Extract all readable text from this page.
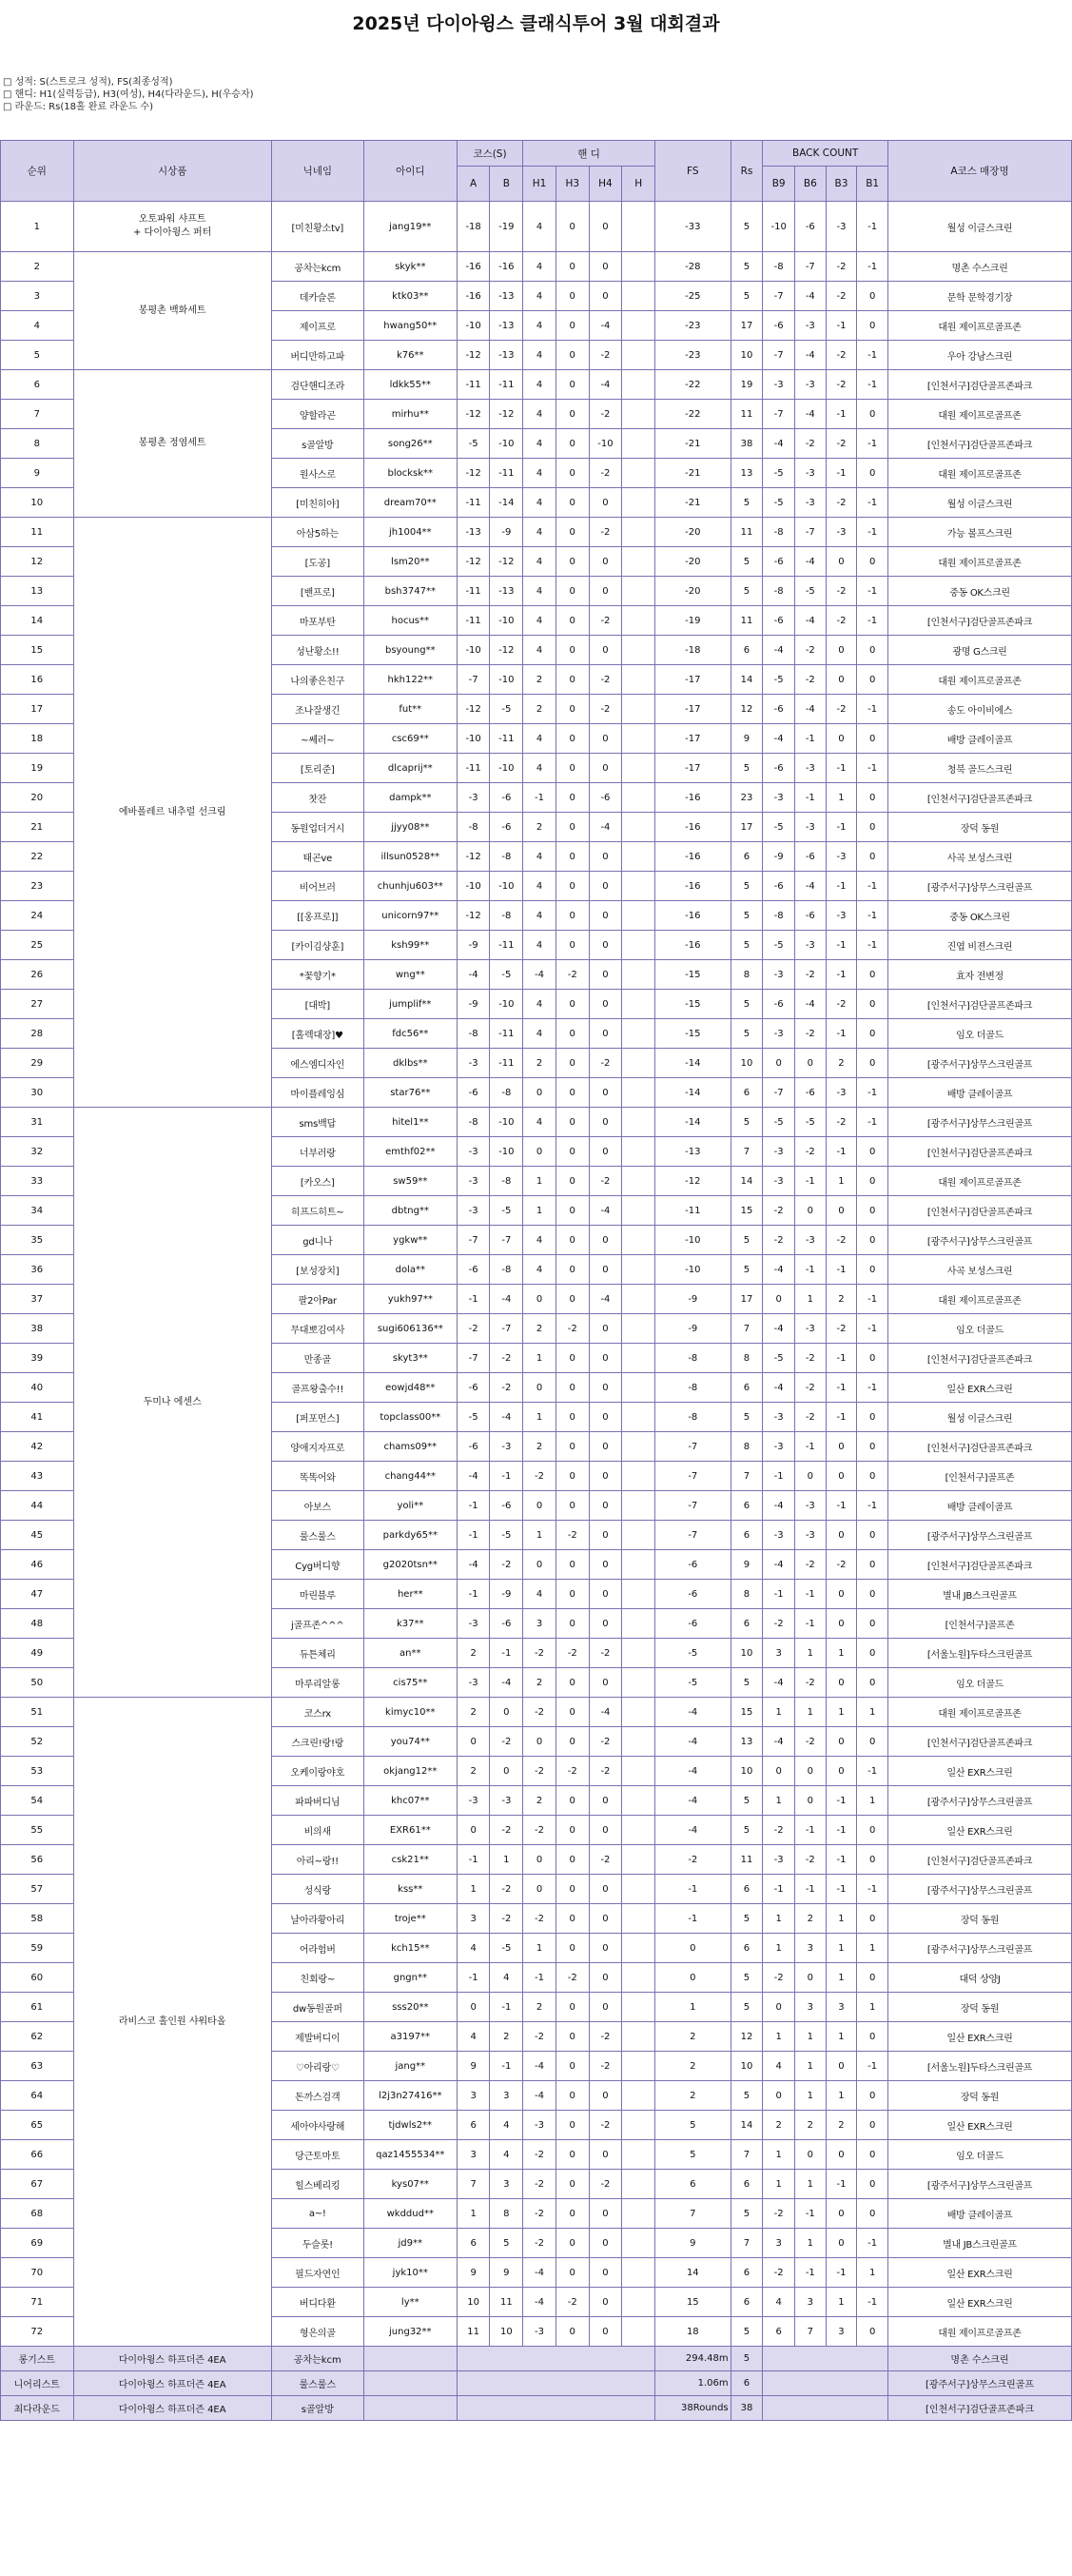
2025년 다이아윙스 클래식투어 3월 대회결과
□ 성적: S(스트로크 성적), FS(최종성적)
□ 핸디: H1(실력등급), H3(여성), H4(다라운드), H(우승자)
□ 라운드: Rs(18홀 완료 라운드 수)
순위	시상품	닉네임	아이디	코스(S)		핸 디				FS	Rs	BACK COUNT				A코스 매장명
				A	B	H1	H3	H4	H			B9	B6	B3	B1	
1	오토파워 샤프트
+ 다이아윙스 퍼터	[미친황소tv]	jang19**	-18	-19	4	0	0		-33	5	-10	-6	-3	-1	월성 이글스크린
2	봉평촌 백화세트	공차는kcm	skyk**	-16	-16	4	0	0		-28	5	-8	-7	-2	-1	명촌 수스크린
3		데카슬론	ktk03**	-16	-13	4	0	0		-25	5	-7	-4	-2	0	문학 문학경기장
4		제이프로	hwang50**	-10	-13	4	0	-4		-23	17	-6	-3	-1	0	대원 제이프로골프존
5		버디만하고파	k76**	-12	-13	4	0	-2		-23	10	-7	-4	-2	-1	우아 강남스크린
6	봉평촌 정염세트	검단핸디조라	ldkk55**	-11	-11	4	0	-4		-22	19	-3	-3	-2	-1	[인천서구]검단골프존파크
7		양할라곤	mirhu**	-12	-12	4	0	-2		-22	11	-7	-4	-1	0	대원 제이프로골프존
8		s골알방	song26**	-5	-10	4	0	-10		-21	38	-4	-2	-2	-1	[인천서구]검단골프존파크
9		원사스로	blocksk**	-12	-11	4	0	-2		-21	13	-5	-3	-1	0	대원 제이프로골프존
10		[미친히야]	dream70**	-11	-14	4	0	0		-21	5	-5	-3	-2	-1	월성 이글스크린
11	에바폴레르 내추럴 선크림	아삼5하는	jh1004**	-13	-9	4	0	-2		-20	11	-8	-7	-3	-1	가능 볼프스크린
12		[도공]	lsm20**	-12	-12	4	0	0		-20	5	-6	-4	0	0	대원 제이프로골프존
13		[밴프로]	bsh3747**	-11	-13	4	0	0		-20	5	-8	-5	-2	-1	중동 OK스크린
14		마포부탄	hocus**	-11	-10	4	0	-2		-19	11	-6	-4	-2	-1	[인천서구]검단골프존파크
15		성난황소!!	bsyoung**	-10	-12	4	0	0		-18	6	-4	-2	0	0	광명 G스크린
16		나의좋은친구	hkh122**	-7	-10	2	0	-2		-17	14	-5	-2	0	0	대원 제이프로골프존
17		조나잘생긴	fut**	-12	-5	2	0	-2		-17	12	-6	-4	-2	-1	송도 아이비에스
18		~쎄러~	csc69**	-10	-11	4	0	0		-17	9	-4	-1	0	0	배방 클레이골프
19		[토리준]	dlcaprij**	-11	-10	4	0	0		-17	5	-6	-3	-1	-1	청북 골드스크린
20		찻잔	dampk**	-3	-6	-1	0	-6		-16	23	-3	-1	1	0	[인천서구]검단골프존파크
21		동원업더거시	jjyy08**	-8	-6	2	0	-4		-16	17	-5	-3	-1	0	장덕 동원
22		태곤ve	illsun0528**	-12	-8	4	0	0		-16	6	-9	-6	-3	0	사곡 보성스크린
23		비어브러	chunhju603**	-10	-10	4	0	0		-16	5	-6	-4	-1	-1	[광주서구]상무스크린골프
24		[[옹프로]]	unicorn97**	-12	-8	4	0	0		-16	5	-8	-6	-3	-1	중동 OK스크린
25		[카이김샹훈]	ksh99**	-9	-11	4	0	0		-16	5	-5	-3	-1	-1	진엽 비젼스크린
26		*꽃향기*	wng**	-4	-5	-4	-2	0		-15	8	-3	-2	-1	0	효자 전변정
27		[대박]	jumplif**	-9	-10	4	0	0		-15	5	-6	-4	-2	0	[인천서구]검단골프존파크
28		[홀렉대장]♥	fdc56**	-8	-11	4	0	0		-15	5	-3	-2	-1	0	임오 더골드
29		에스엠디자인	dklbs**	-3	-11	2	0	-2		-14	10	0	0	2	0	[광주서구]상무스크린골프
30		마이플레잉심	star76**	-6	-8	0	0	0		-14	6	-7	-6	-3	-1	배방 클레이골프
31	두미나 에센스	sms백답	hitel1**	-8	-10	4	0	0		-14	5	-5	-5	-2	-1	[광주서구]상무스크린골프
32		너부러랑	emthf02**	-3	-10	0	0	0		-13	7	-3	-2	-1	0	[인천서구]검단골프존파크
33		[카오스]	sw59**	-3	-8	1	0	-2		-12	14	-3	-1	1	0	대원 제이프로골프존
34		히프드히트~	dbtng**	-3	-5	1	0	-4		-11	15	-2	0	0	0	[인천서구]검단골프존파크
35		gd니나	ygkw**	-7	-7	4	0	0		-10	5	-2	-3	-2	0	[광주서구]상무스크린골프
36		[보성장치]	dola**	-6	-8	4	0	0		-10	5	-4	-1	-1	0	사곡 보성스크린
37		팔2아Par	yukh97**	-1	-4	0	0	-4		-9	17	0	1	2	-1	대원 제이프로골프존
38		무대뽀김여사	sugi606136**	-2	-7	2	-2	0		-9	7	-4	-3	-2	-1	임오 더골드
39		만종골	skyt3**	-7	-2	1	0	0		-8	8	-5	-2	-1	0	[인천서구]검단골프존파크
40		골프왕출수!!	eowjd48**	-6	-2	0	0	0		-8	6	-4	-2	-1	-1	일산 EXR스크린
41		[퍼포먼스]	topclass00**	-5	-4	1	0	0		-8	5	-3	-2	-1	0	월성 이글스크린
42		양애지자프로	chams09**	-6	-3	2	0	0		-7	8	-3	-1	0	0	[인천서구]검단골프존파크
43		똑똑어와	chang44**	-4	-1	-2	0	0		-7	7	-1	0	0	0	[인천서구]골프존
44		아보스	yoli**	-1	-6	0	0	0		-7	6	-4	-3	-1	-1	배방 클레이골프
45		룰스룰스	parkdy65**	-1	-5	1	-2	0		-7	6	-3	-3	0	0	[광주서구]상무스크린골프
46		Cyg버디향	g2020tsn**	-4	-2	0	0	0		-6	9	-4	-2	-2	0	[인천서구]검단골프존파크
47		마린블루	her**	-1	-9	4	0	0		-6	8	-1	-1	0	0	별내 JB스크린골프
48		j골프존^^^	k37**	-3	-6	3	0	0		-6	6	-2	-1	0	0	[인천서구]골프존
49		듀튼체리	an**	2	-1	-2	-2	-2		-5	10	3	1	1	0	[서울노원]두타스크린골프
50		마루리알롱	cis75**	-3	-4	2	0	0		-5	5	-4	-2	0	0	임오 더골드
51	라비스코 홀인원 샤워타올	코스rx	kimyc10**	2	0	-2	0	-4		-4	15	1	1	1	1	대원 제이프로골프존
52		스크린!랑!랑	you74**	0	-2	0	0	-2		-4	13	-4	-2	0	0	[인천서구]검단골프존파크
53		오케이랑야호	okjang12**	2	0	-2	-2	-2		-4	10	0	0	0	-1	일산 EXR스크린
54		파파버디님	khc07**	-3	-3	2	0	0		-4	5	1	0	-1	1	[광주서구]상무스크린골프
55		비의새	EXR61**	0	-2	-2	0	0		-4	5	-2	-1	-1	0	일산 EXR스크린
56		아리~랑!!	csk21**	-1	1	0	0	-2		-2	11	-3	-2	-1	0	[인천서구]검단골프존파크
57		성식랑	kss**	1	-2	0	0	0		-1	6	-1	-1	-1	-1	[광주서구]상무스크린골프
58		날아라황아리	troje**	3	-2	-2	0	0		-1	5	1	2	1	0	장덕 동원
59		어라험버	kch15**	4	-5	1	0	0		0	6	1	3	1	1	[광주서구]상무스크린골프
60		친회랑~	gngn**	-1	4	-1	-2	0		0	5	-2	0	1	0	대덕 상양J
61		dw동원골퍼	sss20**	0	-1	2	0	0		1	5	0	3	3	1	장덕 동원
62		제발버디이	a3197**	4	2	-2	0	-2		2	12	1	1	1	0	일산 EXR스크린
63		♡아리랑♡	jang**	9	-1	-4	0	-2		2	10	4	1	0	-1	[서울노원]두타스크린골프
64		돈까스검객	l2j3n27416**	3	3	-4	0	0		2	5	0	1	1	0	장덕 동원
65		세아야사랑해	tjdwls2**	6	4	-3	0	-2		5	14	2	2	2	0	일산 EXR스크린
66		당근토마토	qaz1455534**	3	4	-2	0	0		5	7	1	0	0	0	임오 더골드
67		힐스베리킹	kys07**	7	3	-2	0	-2		6	6	1	1	-1	0	[광주서구]상무스크린골프
68		a~!	wkddud**	1	8	-2	0	0		7	5	-2	-1	0	0	배방 클레이골프
69		두슬롯!	jd9**	6	5	-2	0	0		9	7	3	1	0	-1	별내 JB스크린골프
70		필드자연인	jyk10**	9	9	-4	0	0		14	6	-2	-1	-1	1	일산 EXR스크린
71		버디다환	ly**	10	11	-4	-2	0		15	6	4	3	1	-1	일산 EXR스크린
72		형은의골	jung32**	11	10	-3	0	0		18	5	6	7	3	0	대원 제이프로골프존
롱기스트	다이아윙스 하프더즌 4EA	공차는kcm								294.48m	5					명촌 수스크린
니어리스트	다이아윙스 하프더즌 4EA	룰스룰스								1.06m	6					[광주서구]상무스크린골프
최다라운드	다이아윙스 하프더즌 4EA	s골알방								38Rounds	38					[인천서구]검단골프존파크
